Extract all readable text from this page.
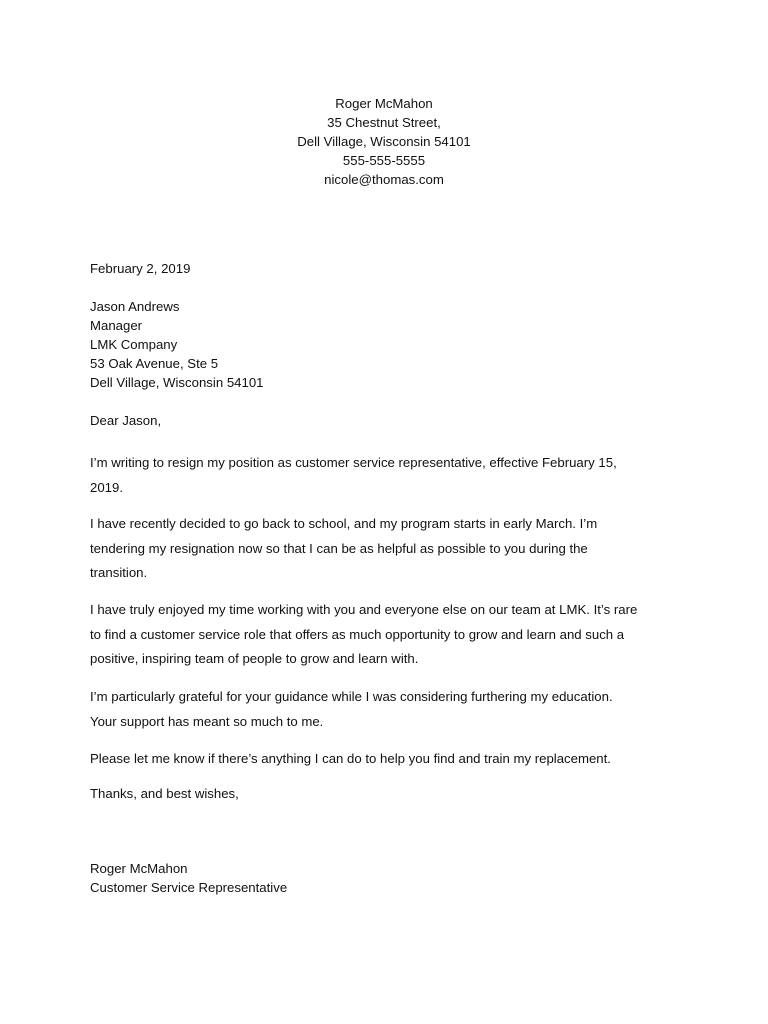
Roger McMahon
35 Chestnut Street,
Dell Village, Wisconsin 54101
555-555-5555
nicole@thomas.com
February 2, 2019
Jason Andrews
Manager
LMK Company
53 Oak Avenue, Ste 5
Dell Village, Wisconsin 54101
Dear Jason,
I’m writing to resign my position as customer service representative, effective February 15,
2019.
I have recently decided to go back to school, and my program starts in early March. I’m
tendering my resignation now so that I can be as helpful as possible to you during the
transition.
I have truly enjoyed my time working with you and everyone else on our team at LMK. It’s rare
to find a customer service role that offers as much opportunity to grow and learn and such a
positive, inspiring team of people to grow and learn with.
I’m particularly grateful for your guidance while I was considering furthering my education.
Your support has meant so much to me.
Please let me know if there’s anything I can do to help you find and train my replacement.
Thanks, and best wishes,
Roger McMahon
Customer Service Representative
